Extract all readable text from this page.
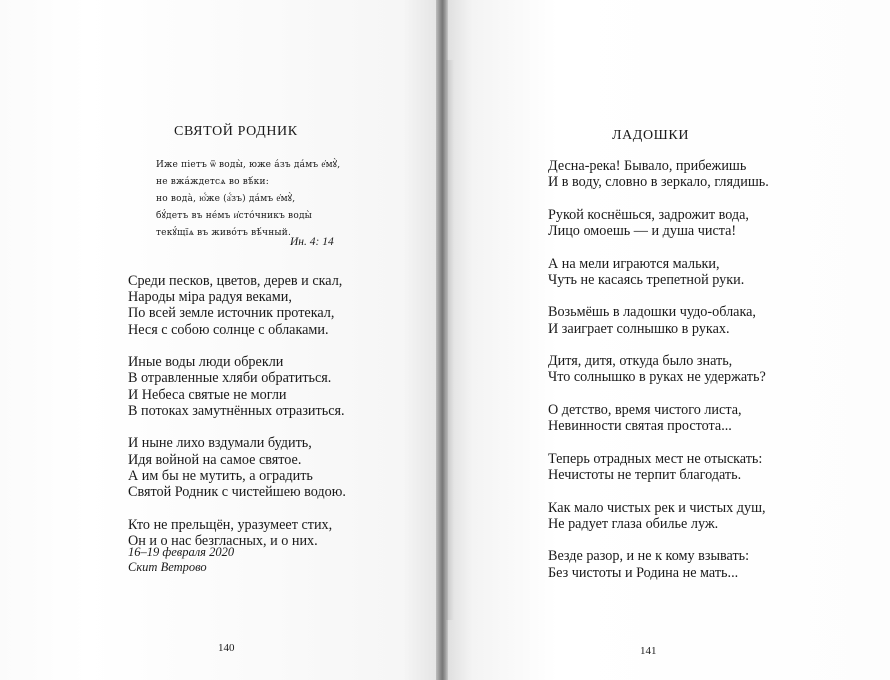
СВЯТОЙ РОДНИК
Иже піетъ ѿ воды̀, юже а́зъ да́мъ е҆мꙋ̀,
не вжа́ждетсѧ во вѣ́ки:
но вода̀, ю҆́же (а҆́зъ) да́мъ е҆мꙋ̀,
бꙋ́детъ въ не́мъ и҆сто́чникъ воды̀
текꙋ́щїѧ въ живо́тъ вѣ́чный.
Ин. 4: 14
Среди песков, цветов, дерев и скал,
Народы міра радуя веками,
По всей земле источник протекал,
Неся с собою солнце с облаками.
Иные воды люди обрекли
В отравленные хляби обратиться.
И Небеса святые не могли
В потоках замутнённых отразиться.
И ныне лихо вздумали будить,
Идя войной на самое святое.
А им бы не мутить, а оградить
Святой Родник с чистейшею водою.
Кто не прельщён, уразумеет стих,
Он и о нас безгласных, и о них.
16–19 февраля 2020
Скит Ветрово
140
ЛАДОШКИ
Десна-река! Бывало, прибежишь
И в воду, словно в зеркало, глядишь.
Рукой коснёшься, задрожит вода,
Лицо омоешь — и душа чиста!
А на мели играются мальки,
Чуть не касаясь трепетной руки.
Возьмёшь в ладошки чудо-облака,
И заиграет солнышко в руках.
Дитя, дитя, откуда было знать,
Что солнышко в руках не удержать?
О детство, время чистого листа,
Невинности святая простота...
Теперь отрадных мест не отыскать:
Нечистоты не терпит благодать.
Как мало чистых рек и чистых душ,
Не радует глаза обилье луж.
Везде разор, и не к кому взывать:
Без чистоты и Родина не мать...
141
